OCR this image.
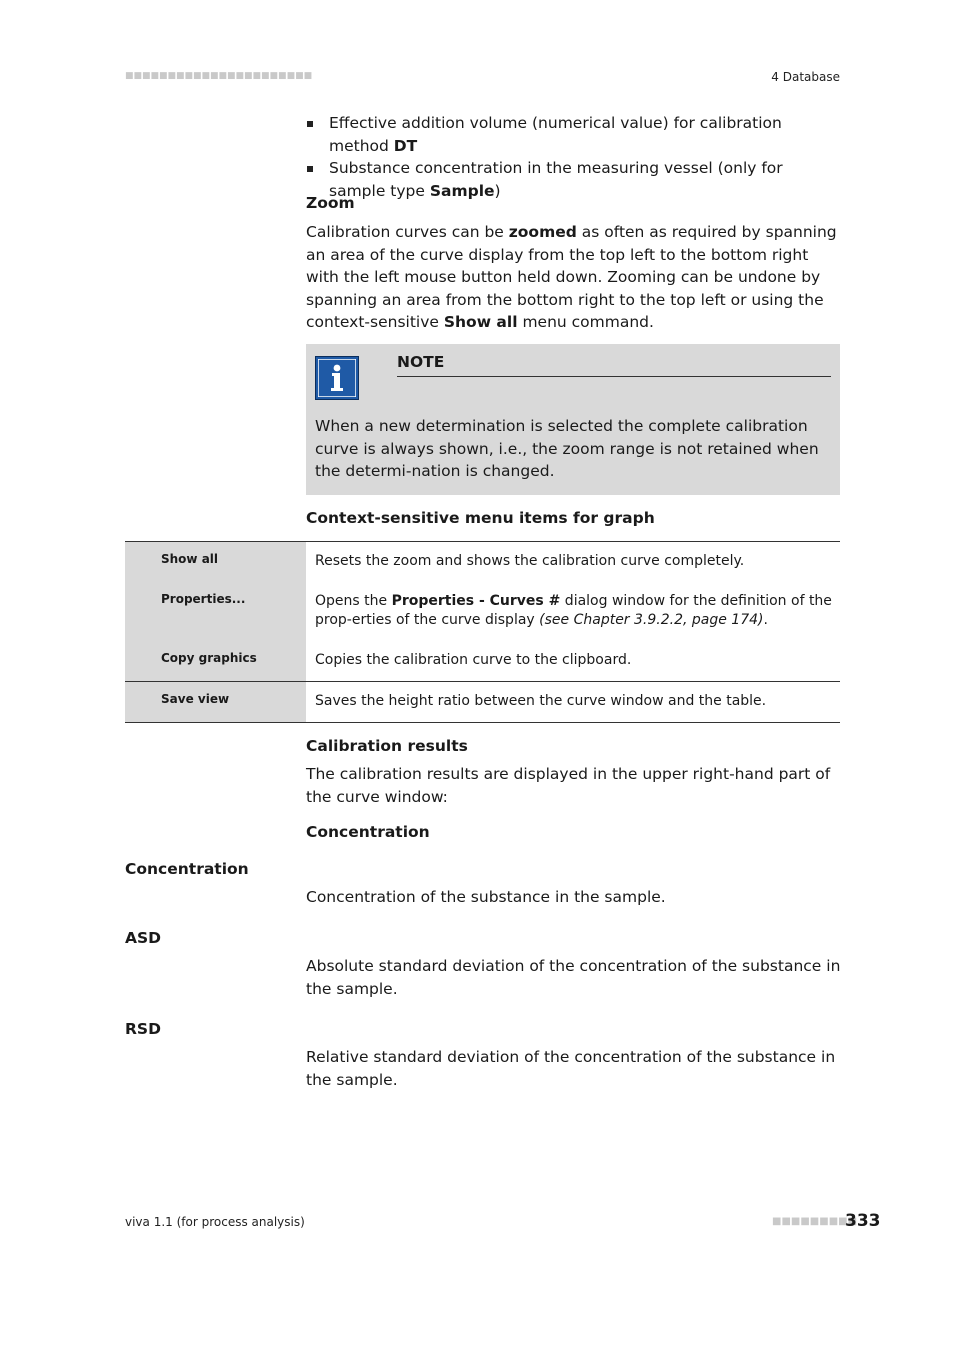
■■■■■■■■■■■■■■■■■■■■■■	4 Database
Effective addition volume (numerical value) for calibration method DT
Substance concentration in the measuring vessel (only for sample type Sample)
Zoom
Calibration curves can be zoomed as often as required by spanning an area of the curve display from the top left to the bottom right with the left mouse button held down. Zooming can be undone by spanning an area from the bottom right to the top left or using the context-sensitive Show all menu command.
NOTE
When a new determination is selected the complete calibration curve is always shown, i.e., the zoom range is not retained when the determi-nation is changed.
Context-sensitive menu items for graph
Show all	Resets the zoom and shows the calibration curve completely.
Properties...	Opens the Properties - Curves # dialog window for the definition of the prop-erties of the curve display (see Chapter 3.9.2.2, page 174).
Copy graphics	Copies the calibration curve to the clipboard.
Save view	Saves the height ratio between the curve window and the table.
Calibration results
The calibration results are displayed in the upper right-hand part of the curve window:
Concentration
Concentration
Concentration of the substance in the sample.
ASD
Absolute standard deviation of the concentration of the substance in the sample.
RSD
Relative standard deviation of the concentration of the substance in the sample.
viva 1.1 (for process analysis)	■■■■■■■■■
333
